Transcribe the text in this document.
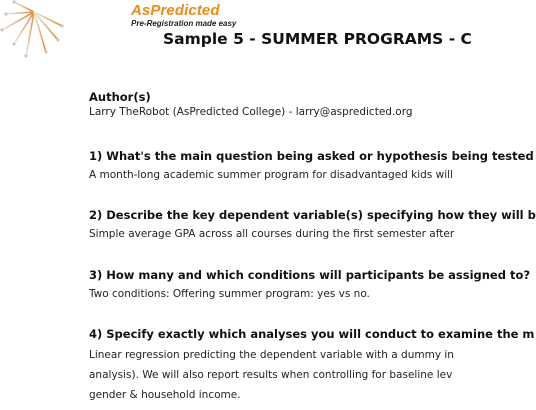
AsPredicted
Pre-Registration made easy
Sample 5 - SUMMER PROGRAMS - C

Author(s)

Larry TheRobot (AsPredicted College) - larry@aspredicted.org

1) What's the main question being asked or hypothesis being tested

A month-long academic summer program for disadvantaged kids will

2) Describe the key dependent variable(s) specifying how they will b

Simple average GPA across all courses during the first semester after

3) How many and which conditions will participants be assigned to?

Two conditions: Offering summer program: yes vs no.

4) Specify exactly which analyses you will conduct to examine the m

Linear regression predicting the dependent variable with a dummy in

analysis). We will also report results when controlling for baseline lev

gender & household income.
